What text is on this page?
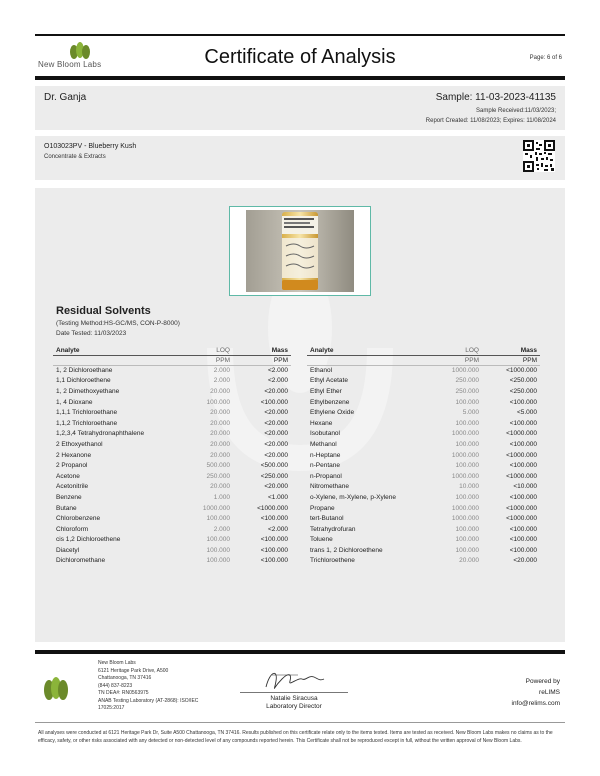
New Bloom Labs	Certificate of Analysis	Page: 6 of 6
Dr. Ganja	Sample: 11-03-2023-41135
Sample Received:11/03/2023;
Report Created: 11/08/2023; Expires: 11/08/2024
O103023PV - Blueberry Kush
Concentrate & Extracts
Residual Solvents
(Testing Method:HS-GC/MS, CON-P-8000)
Date Tested: 11/03/2023
Analyte	LOQ	Mass
	PPM	PPM
1, 2 Dichloroethane	2.000	<2.000
1,1 Dichloroethene	2.000	<2.000
1, 2 Dimethoxyethane	20.000	<20.000
1, 4 Dioxane	100.000	<100.000
1,1,1 Trichloroethane	20.000	<20.000
1,1,2 Trichloroethane	20.000	<20.000
1,2,3,4 Tetrahydronaphthalene	20.000	<20.000
2 Ethoxyethanol	20.000	<20.000
2 Hexanone	20.000	<20.000
2 Propanol	500.000	<500.000
Acetone	250.000	<250.000
Acetonitrile	20.000	<20.000
Benzene	1.000	<1.000
Butane	1000.000	<1000.000
Chlorobenzene	100.000	<100.000
Chloroform	2.000	<2.000
cis 1,2 Dichloroethene	100.000	<100.000
Diacetyl	100.000	<100.000
Dichloromethane	100.000	<100.000
Analyte	LOQ	Mass
	PPM	PPM
Ethanol	1000.000	<1000.000
Ethyl Acetate	250.000	<250.000
Ethyl Ether	250.000	<250.000
Ethylbenzene	100.000	<100.000
Ethylene Oxide	5.000	<5.000
Hexane	100.000	<100.000
Isobutanol	1000.000	<1000.000
Methanol	100.000	<100.000
n-Heptane	1000.000	<1000.000
n-Pentane	100.000	<100.000
n-Propanol	1000.000	<1000.000
Nitromethane	10.000	<10.000
o-Xylene, m-Xylene, p-Xylene	100.000	<100.000
Propane	1000.000	<1000.000
tert-Butanol	1000.000	<1000.000
Tetrahydrofuran	100.000	<100.000
Toluene	100.000	<100.000
trans 1, 2 Dichloroethene	100.000	<100.000
Trichloroethene	20.000	<20.000
New Bloom Labs
6121 Heritage Park Drive, A500
Chattanooga, TN 37416
(844) 837-8223
TN DEA#: RN0563975
ANAB Testing Laboratory (AT-2868): ISO/IEC
17025:2017
Natalie Siracusa
Laboratory Director
Powered by
reLIMS
info@relims.com
All analyses were conducted at 6121 Heritage Park Dr, Suite A500 Chattanooga, TN 37416. Results published on this certificate relate only to the items tested. Items are tested as received. New Bloom Labs makes no claims as to the efficacy, safety, or other risks associated with any detected or non-detected level of any compounds reported herein. This Certificate shall not be reproduced except in full, without the written approval of New Bloom Labs.
